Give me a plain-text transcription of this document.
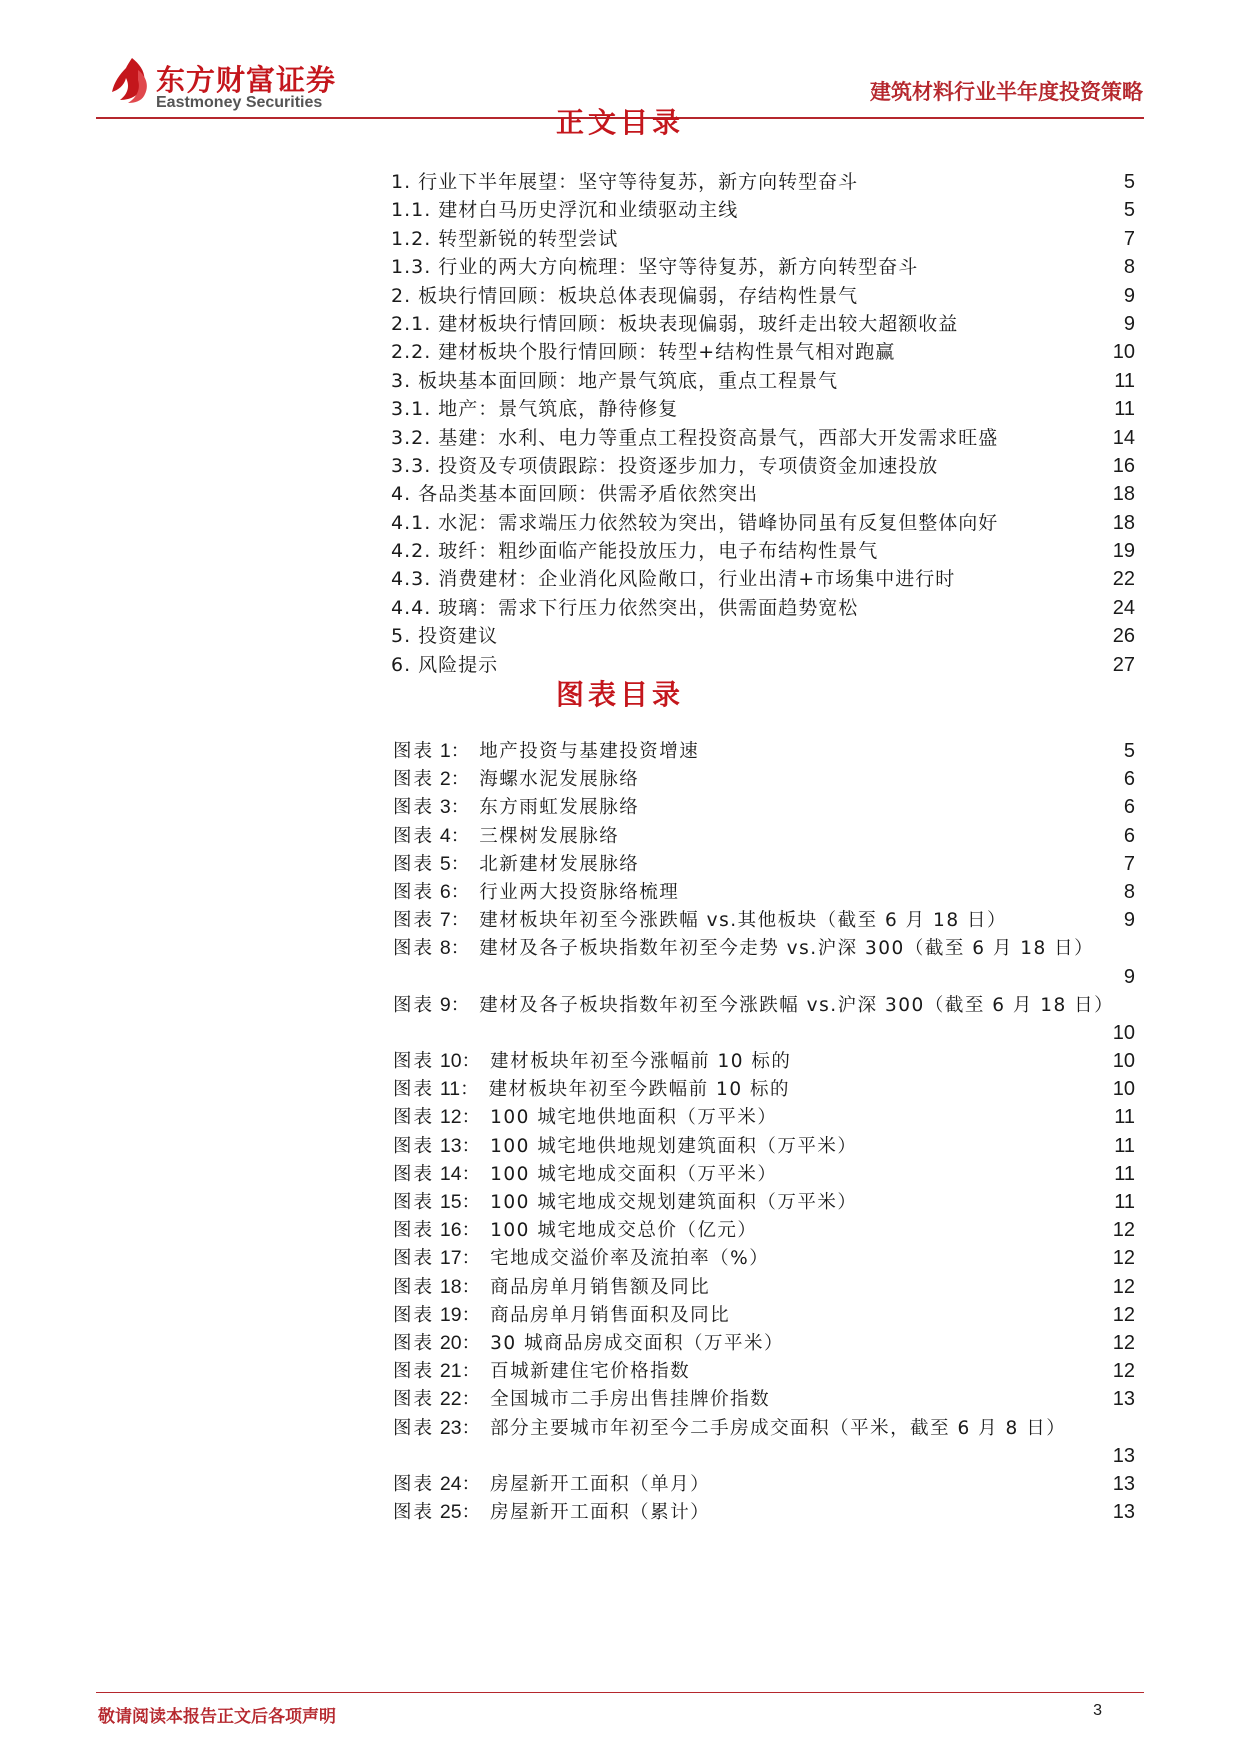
东方财富证券
Eastmoney Securities	建筑材料行业半年度投资策略
正文目录
1. 行业下半年展望：坚守等待复苏，新方向转型奋斗	5
1.1. 建材白马历史浮沉和业绩驱动主线	5
1.2. 转型新锐的转型尝试	7
1.3. 行业的两大方向梳理：坚守等待复苏，新方向转型奋斗	8
2. 板块行情回顾：板块总体表现偏弱，存结构性景气	9
2.1. 建材板块行情回顾：板块表现偏弱，玻纤走出较大超额收益	9
2.2. 建材板块个股行情回顾：转型+结构性景气相对跑赢	10
3. 板块基本面回顾：地产景气筑底，重点工程景气	11
3.1. 地产：景气筑底，静待修复	11
3.2. 基建：水利、电力等重点工程投资高景气，西部大开发需求旺盛	14
3.3. 投资及专项债跟踪：投资逐步加力，专项债资金加速投放	16
4. 各品类基本面回顾：供需矛盾依然突出	18
4.1. 水泥：需求端压力依然较为突出，错峰协同虽有反复但整体向好	18
4.2. 玻纤：粗纱面临产能投放压力，电子布结构性景气	19
4.3. 消费建材：企业消化风险敞口，行业出清+市场集中进行时	22
4.4. 玻璃：需求下行压力依然突出，供需面趋势宽松	24
5. 投资建议	26
6. 风险提示	27
图表目录
图表 1： 地产投资与基建投资增速	5
图表 2： 海螺水泥发展脉络	6
图表 3： 东方雨虹发展脉络	6
图表 4： 三棵树发展脉络	6
图表 5： 北新建材发展脉络	7
图表 6： 行业两大投资脉络梳理	8
图表 7： 建材板块年初至今涨跌幅 vs.其他板块（截至 6 月 18 日）	9
图表 8： 建材及各子板块指数年初至今走势 vs.沪深 300（截至 6 月 18 日）
9
图表 9： 建材及各子板块指数年初至今涨跌幅 vs.沪深 300（截至 6 月 18 日）
10
图表 10： 建材板块年初至今涨幅前 10 标的	10
图表 11： 建材板块年初至今跌幅前 10 标的	10
图表 12： 100 城宅地供地面积（万平米）	11
图表 13： 100 城宅地供地规划建筑面积（万平米）	11
图表 14： 100 城宅地成交面积（万平米）	11
图表 15： 100 城宅地成交规划建筑面积（万平米）	11
图表 16： 100 城宅地成交总价（亿元）	12
图表 17： 宅地成交溢价率及流拍率（%）	12
图表 18： 商品房单月销售额及同比	12
图表 19： 商品房单月销售面积及同比	12
图表 20： 30 城商品房成交面积（万平米）	12
图表 21： 百城新建住宅价格指数	12
图表 22： 全国城市二手房出售挂牌价指数	13
图表 23： 部分主要城市年初至今二手房成交面积（平米，截至 6 月 8 日）
13
图表 24： 房屋新开工面积（单月）	13
图表 25： 房屋新开工面积（累计）	13
敬请阅读本报告正文后各项声明	3
